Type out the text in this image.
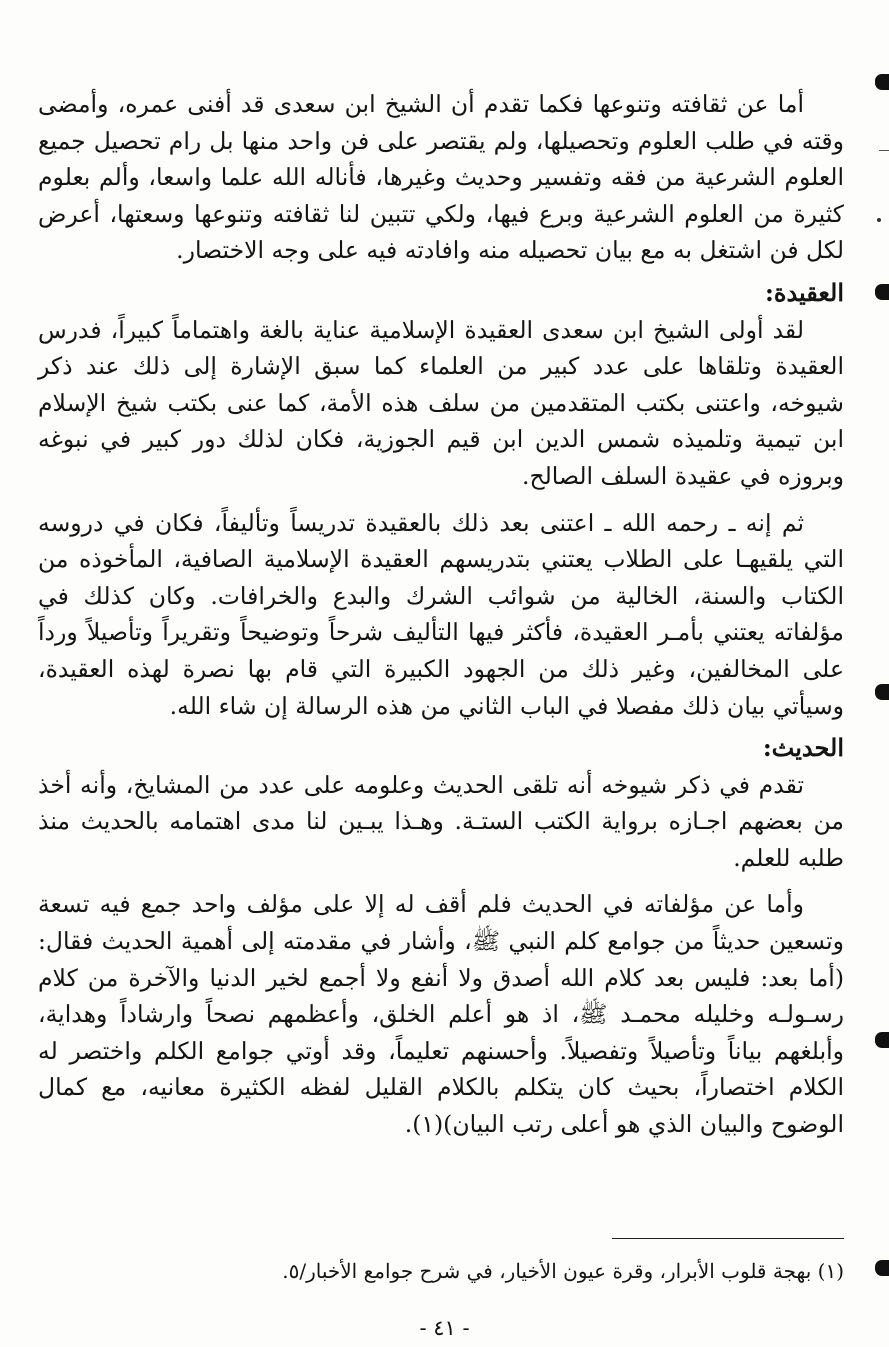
أما عن ثقافته وتنوعها فكما تقدم أن الشيخ ابن سعدى قد أفنى عمره، وأمضى وقته في طلب العلوم وتحصيلها، ولم يقتصر على فن واحد منها بل رام تحصيل جميع العلوم الشرعية من فقه وتفسير وحديث وغيرها، فأناله الله علما واسعا، وألم بعلوم كثيرة من العلوم الشرعية وبرع فيها، ولكي تتبين لنا ثقافته وتنوعها وسعتها، أعرض لكل فن اشتغل به مع بيان تحصيله منه وافادته فيه على وجه الاختصار.

العقيدة:

لقد أولى الشيخ ابن سعدى العقيدة الإسلامية عناية بالغة واهتماماً كبيراً، فدرس العقيدة وتلقاها على عدد كبير من العلماء كما سبق الإشارة إلى ذلك عند ذكر شيوخه، واعتنى بكتب المتقدمين من سلف هذه الأمة، كما عنى بكتب شيخ الإسلام ابن تيمية وتلميذه شمس الدين ابن قيم الجوزية، فكان لذلك دور كبير في نبوغه وبروزه في عقيدة السلف الصالح.

ثم إنه ـ رحمه الله ـ اعتنى بعد ذلك بالعقيدة تدريساً وتأليفاً، فكان في دروسه التي يلقيهـا على الطلاب يعتني بتدريسهم العقيدة الإسلامية الصافية، المأخوذه من الكتاب والسنة، الخالية من شوائب الشرك والبدع والخرافات. وكان كذلك في مؤلفاته يعتني بأمـر العقيدة، فأكثر فيها التأليف شرحاً وتوضيحاً وتقريراً وتأصيلاً ورداً على المخالفين، وغير ذلك من الجهود الكبيرة التي قام بها نصرة لهذه العقيدة، وسيأتي بيان ذلك مفصلا في الباب الثاني من هذه الرسالة إن شاء الله.

الحديث:

تقدم في ذكر شيوخه أنه تلقى الحديث وعلومه على عدد من المشايخ، وأنه أخذ من بعضهم اجـازه برواية الكتب الستـة. وهـذا يبـين لنا مدى اهتمامه بالحديث منذ طلبه للعلم.

وأما عن مؤلفاته في الحديث فلم أقف له إلا على مؤلف واحد جمع فيه تسعة وتسعين حديثاً من جوامع كلم النبي ﷺ، وأشار في مقدمته إلى أهمية الحديث فقال: (أما بعد: فليس بعد كلام الله أصدق ولا أنفع ولا أجمع لخير الدنيا والآخرة من كلام رسـولـه وخليله محمـد ﷺ، اذ هو أعلم الخلق، وأعظمهم نصحاً وارشاداً وهداية، وأبلغهم بياناً وتأصيلاً وتفصيلاً. وأحسنهم تعليماً، وقد أوتي جوامع الكلم واختصر له الكلام اختصاراً، بحيث كان يتكلم بالكلام القليل لفظه الكثيرة معانيه، مع كمال الوضوح والبيان الذي هو أعلى رتب البيان)(١).

(١) بهجة قلوب الأبرار، وقرة عيون الأخيار، في شرح جوامع الأخبار/٥.

- ٤١ -
